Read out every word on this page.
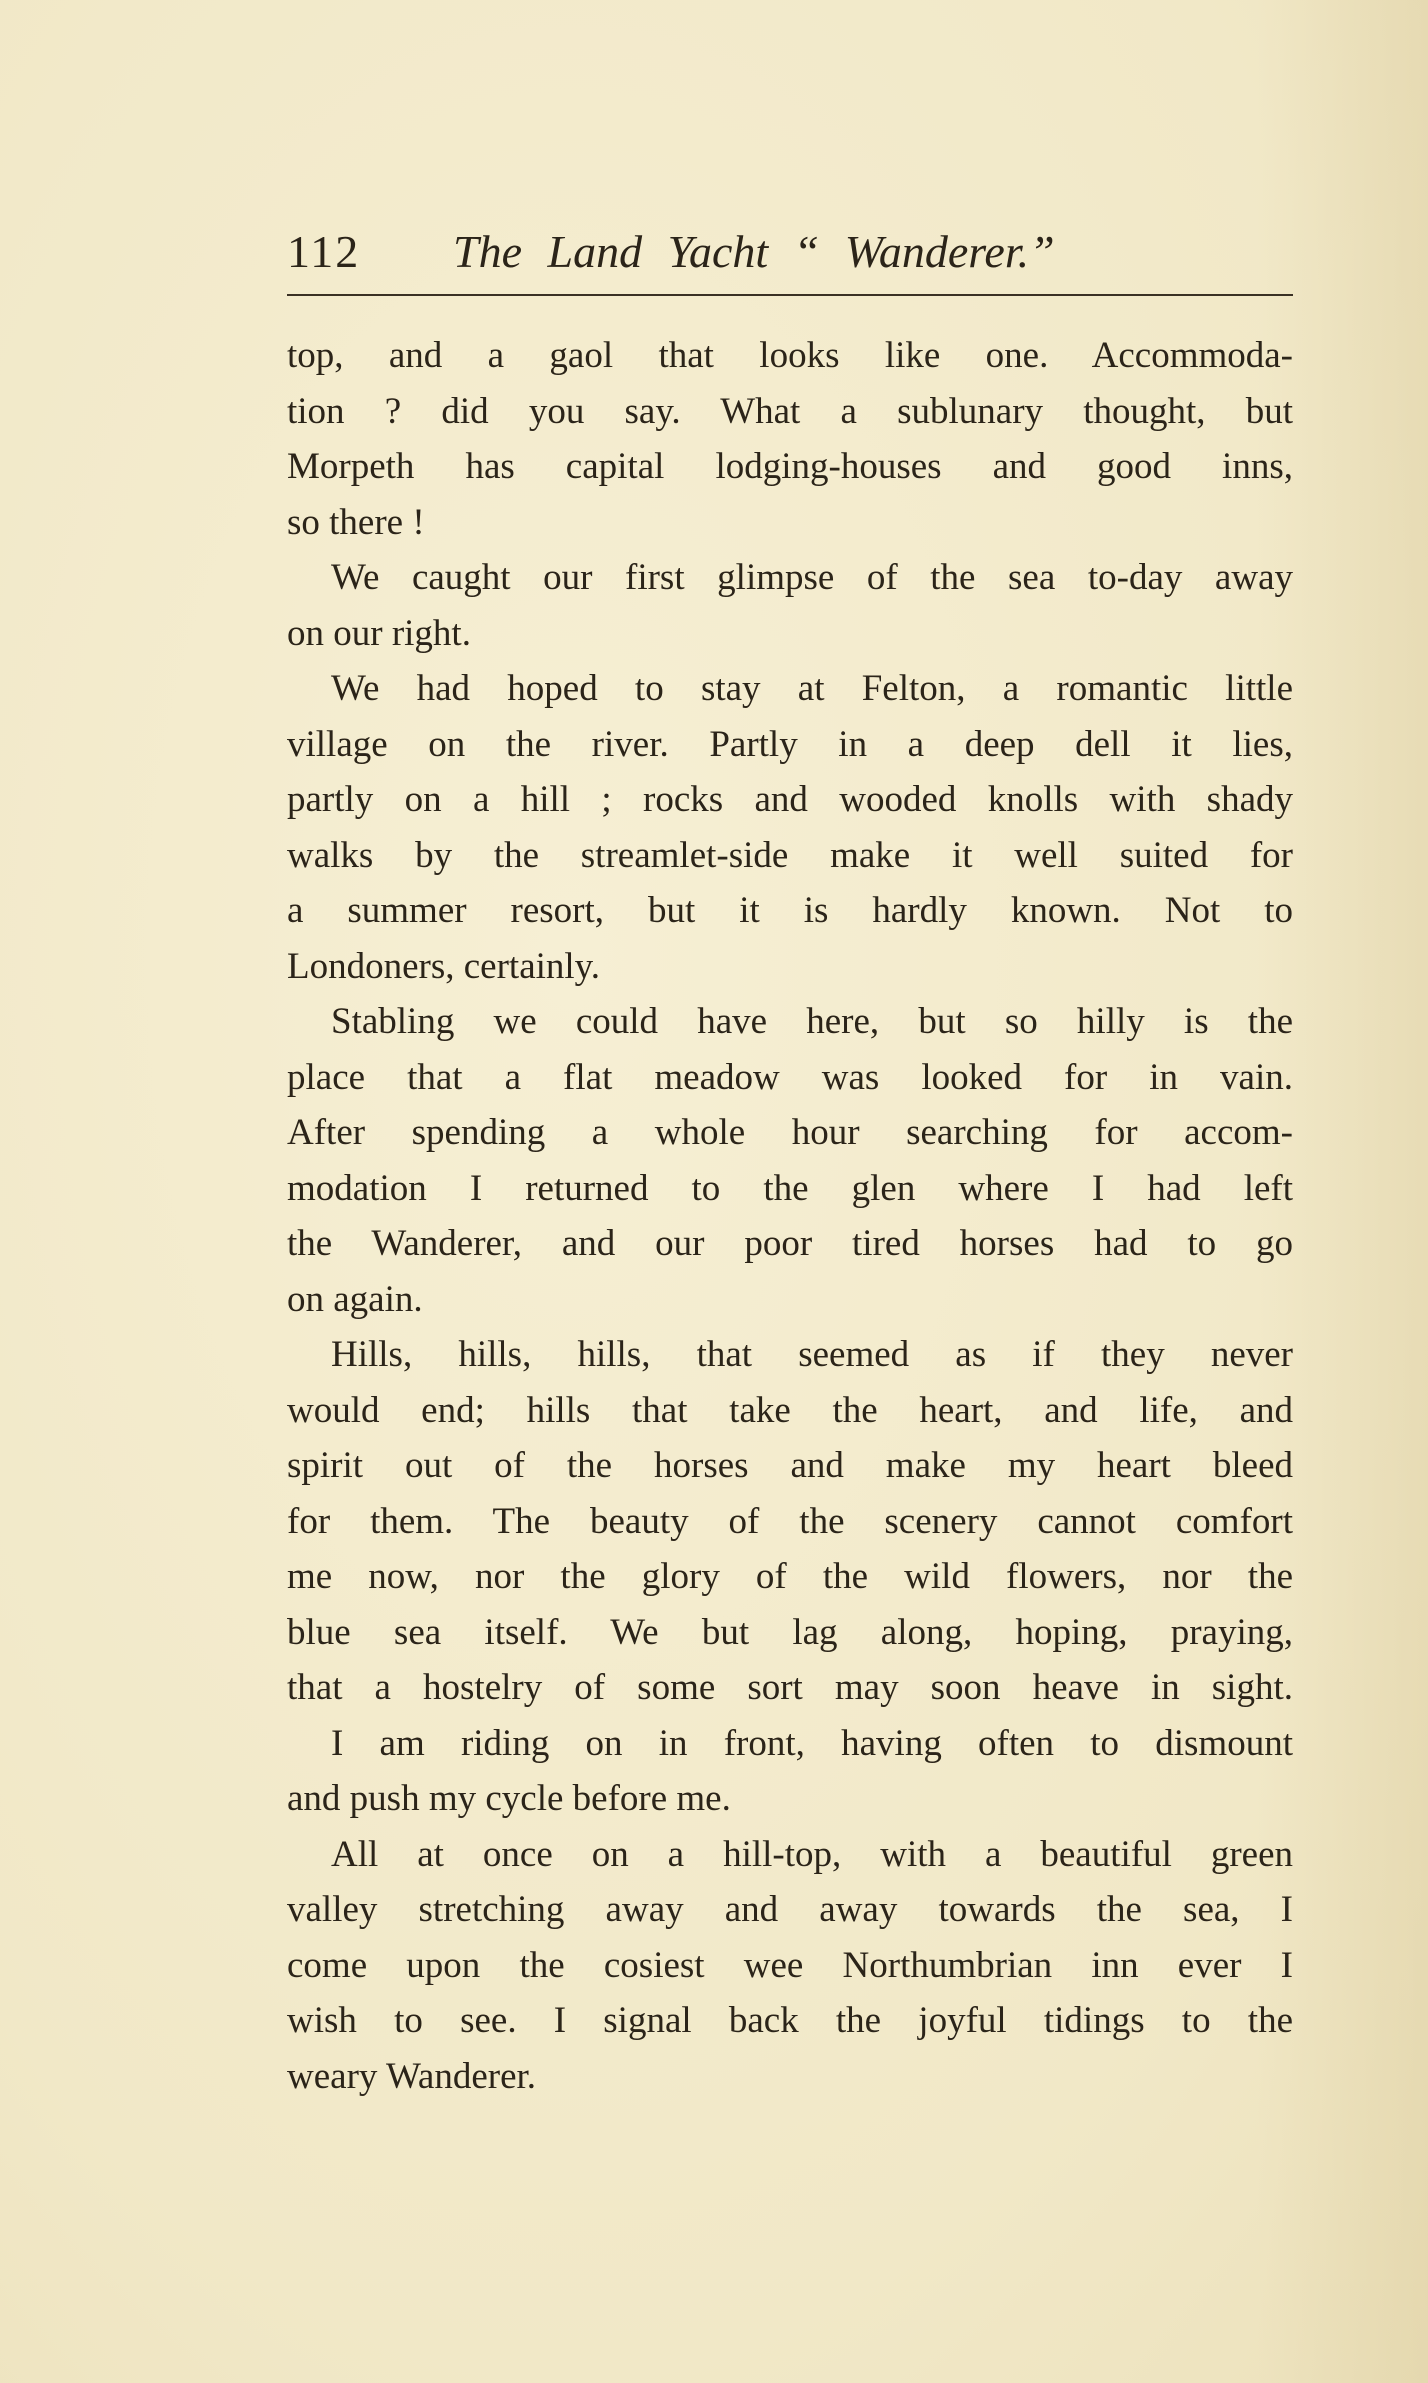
112 The Land Yacht “ Wanderer.”
top, and a gaol that looks like one. Accommoda-
tion ? did you say. What a sublunary thought, but
Morpeth has capital lodging-houses and good inns,
so there !
We caught our first glimpse of the sea to-day away
on our right.
We had hoped to stay at Felton, a romantic little
village on the river. Partly in a deep dell it lies,
partly on a hill ; rocks and wooded knolls with shady
walks by the streamlet-side make it well suited for
a summer resort, but it is hardly known. Not to
Londoners, certainly.
Stabling we could have here, but so hilly is the
place that a flat meadow was looked for in vain.
After spending a whole hour searching for accom-
modation I returned to the glen where I had left
the Wanderer, and our poor tired horses had to go
on again.
Hills, hills, hills, that seemed as if they never
would end; hills that take the heart, and life, and
spirit out of the horses and make my heart bleed
for them. The beauty of the scenery cannot comfort
me now, nor the glory of the wild flowers, nor the
blue sea itself. We but lag along, hoping, praying,
that a hostelry of some sort may soon heave in sight.
I am riding on in front, having often to dismount
and push my cycle before me.
All at once on a hill-top, with a beautiful green
valley stretching away and away towards the sea, I
come upon the cosiest wee Northumbrian inn ever I
wish to see. I signal back the joyful tidings to the
weary Wanderer.
